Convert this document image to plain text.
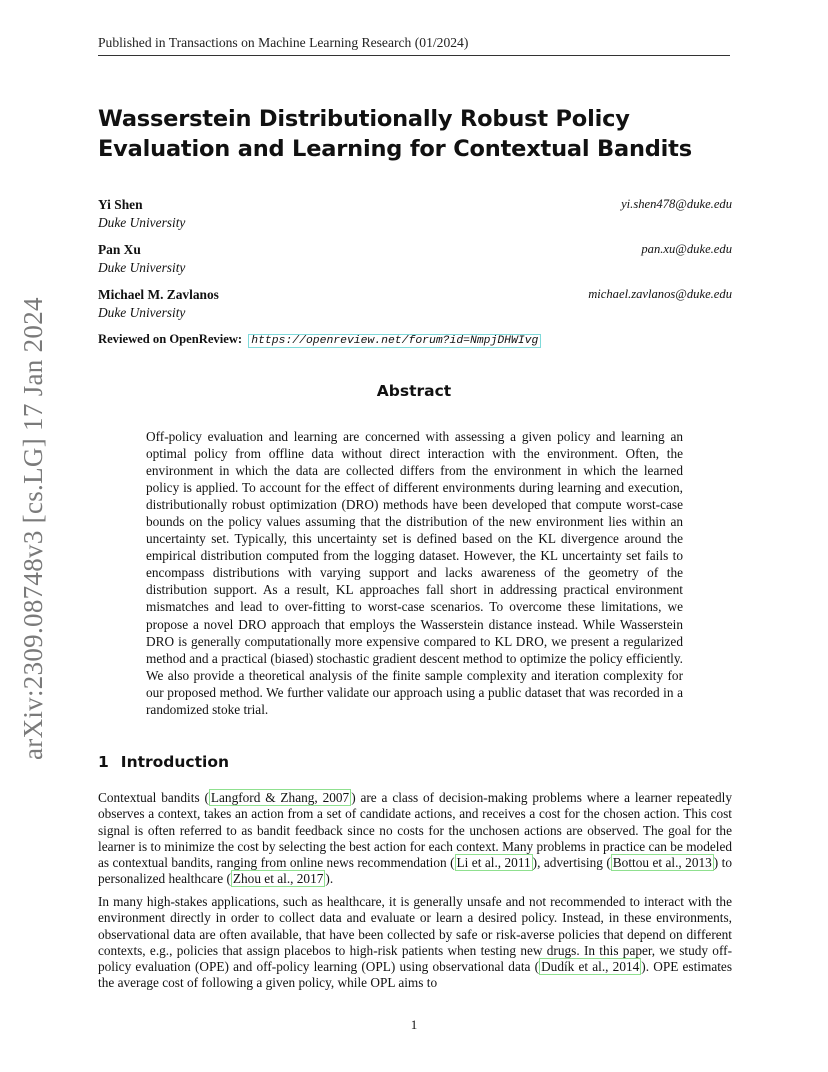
Published in Transactions on Machine Learning Research (01/2024)
arXiv:2309.08748v3 [cs.LG] 17 Jan 2024
Wasserstein Distributionally Robust Policy Evaluation and Learning for Contextual Bandits
Yi Shen
Duke University
yi.shen478@duke.edu
Pan Xu
Duke University
pan.xu@duke.edu
Michael M. Zavlanos
Duke University
michael.zavlanos@duke.edu
Reviewed on OpenReview: https://openreview.net/forum?id=NmpjDHWIvg
Abstract
Off-policy evaluation and learning are concerned with assessing a given policy and learning an optimal policy from offline data without direct interaction with the environment. Often, the environment in which the data are collected differs from the environment in which the learned policy is applied. To account for the effect of different environments during learning and execution, distributionally robust optimization (DRO) methods have been developed that compute worst-case bounds on the policy values assuming that the distribution of the new environment lies within an uncertainty set. Typically, this uncertainty set is defined based on the KL divergence around the empirical distribution computed from the logging dataset. However, the KL uncertainty set fails to encompass distributions with varying support and lacks awareness of the geometry of the distribution support. As a result, KL approaches fall short in addressing practical environment mismatches and lead to over-fitting to worst-case scenarios. To overcome these limitations, we propose a novel DRO approach that employs the Wasserstein distance instead. While Wasserstein DRO is generally computationally more expensive compared to KL DRO, we present a regularized method and a practical (biased) stochastic gradient descent method to optimize the policy efficiently. We also provide a theoretical analysis of the finite sample complexity and iteration complexity for our proposed method. We further validate our approach using a public dataset that was recorded in a randomized stoke trial.
1 Introduction
Contextual bandits ( Langford & Zhang, 2007 ) are a class of decision-making problems where a learner repeatedly observes a context, takes an action from a set of candidate actions, and receives a cost for the chosen action. This cost signal is often referred to as bandit feedback since no costs for the unchosen actions are observed. The goal for the learner is to minimize the cost by selecting the best action for each context. Many problems in practice can be modeled as contextual bandits, ranging from online news recommendation ( Li et al., 2011 ), advertising ( Bottou et al., 2013 ) to personalized healthcare ( Zhou et al., 2017 ).
In many high-stakes applications, such as healthcare, it is generally unsafe and not recommended to interact with the environment directly in order to collect data and evaluate or learn a desired policy. Instead, in these environments, observational data are often available, that have been collected by safe or risk-averse policies that depend on different contexts, e.g., policies that assign placebos to high-risk patients when testing new drugs. In this paper, we study off-policy evaluation (OPE) and off-policy learning (OPL) using observational data ( Dudík et al., 2014 ). OPE estimates the average cost of following a given policy, while OPL aims to
1
